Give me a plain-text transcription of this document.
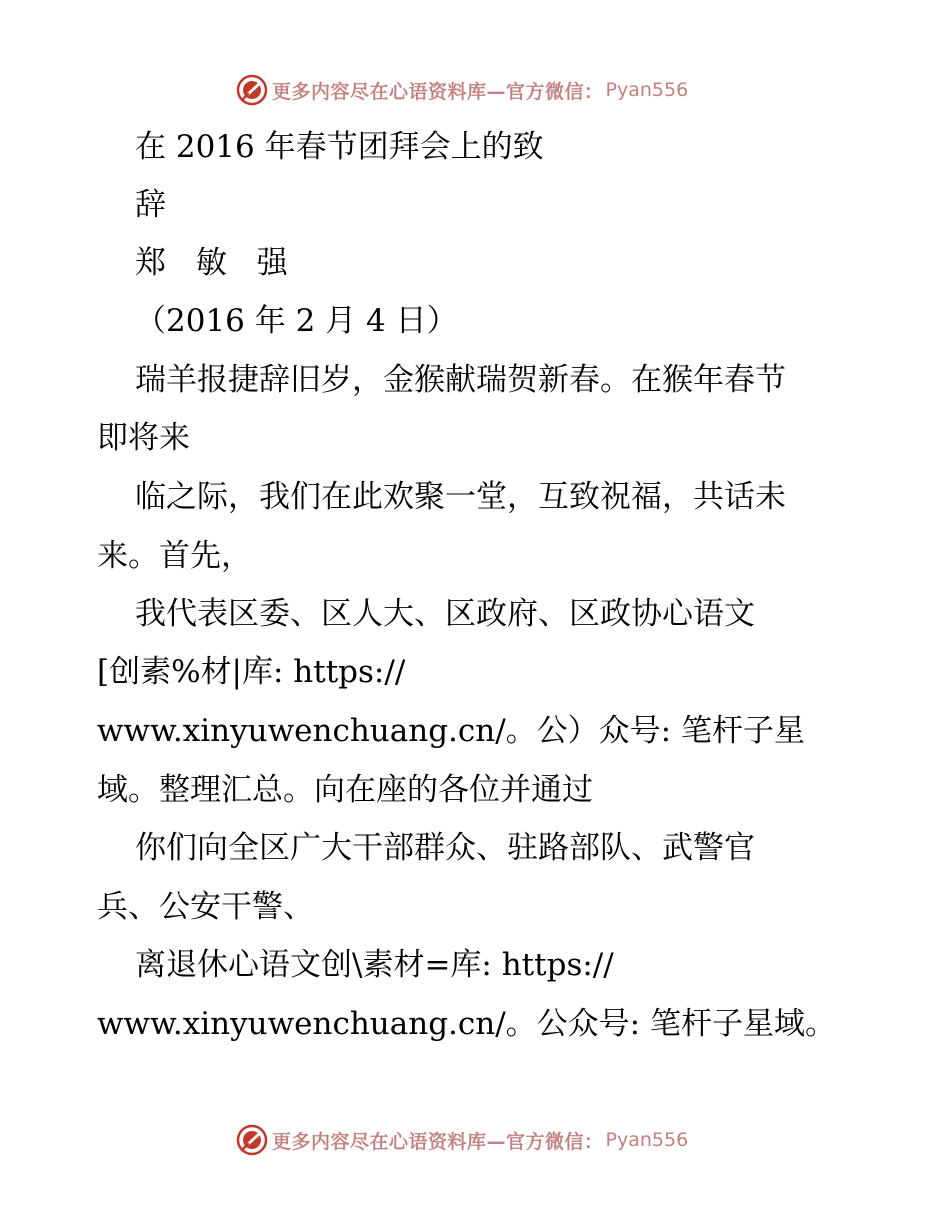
更多内容尽在心语资料库—官方微信： Pyan556
在 2016 年春节团拜会上的致
辞
郑 敏 强
（2016 年 2 月 4 日）
瑞羊报捷辞旧岁，金猴献瑞贺新春。在猴年春节
即将来
临之际，我们在此欢聚一堂，互致祝福，共话未
来。首先，
我代表区委、区人大、区政府、区政协心语文
[创素%材|库: https://
www.xinyuwenchuang.cn/。公）众号: 笔杆子星
域。整理汇总。向在座的各位并通过
你们向全区广大干部群众、驻路部队、武警官
兵、公安干警、
离退休心语文创\素材=库: https://
www.xinyuwenchuang.cn/。公众号: 笔杆子星域。
更多内容尽在心语资料库—官方微信： Pyan556
